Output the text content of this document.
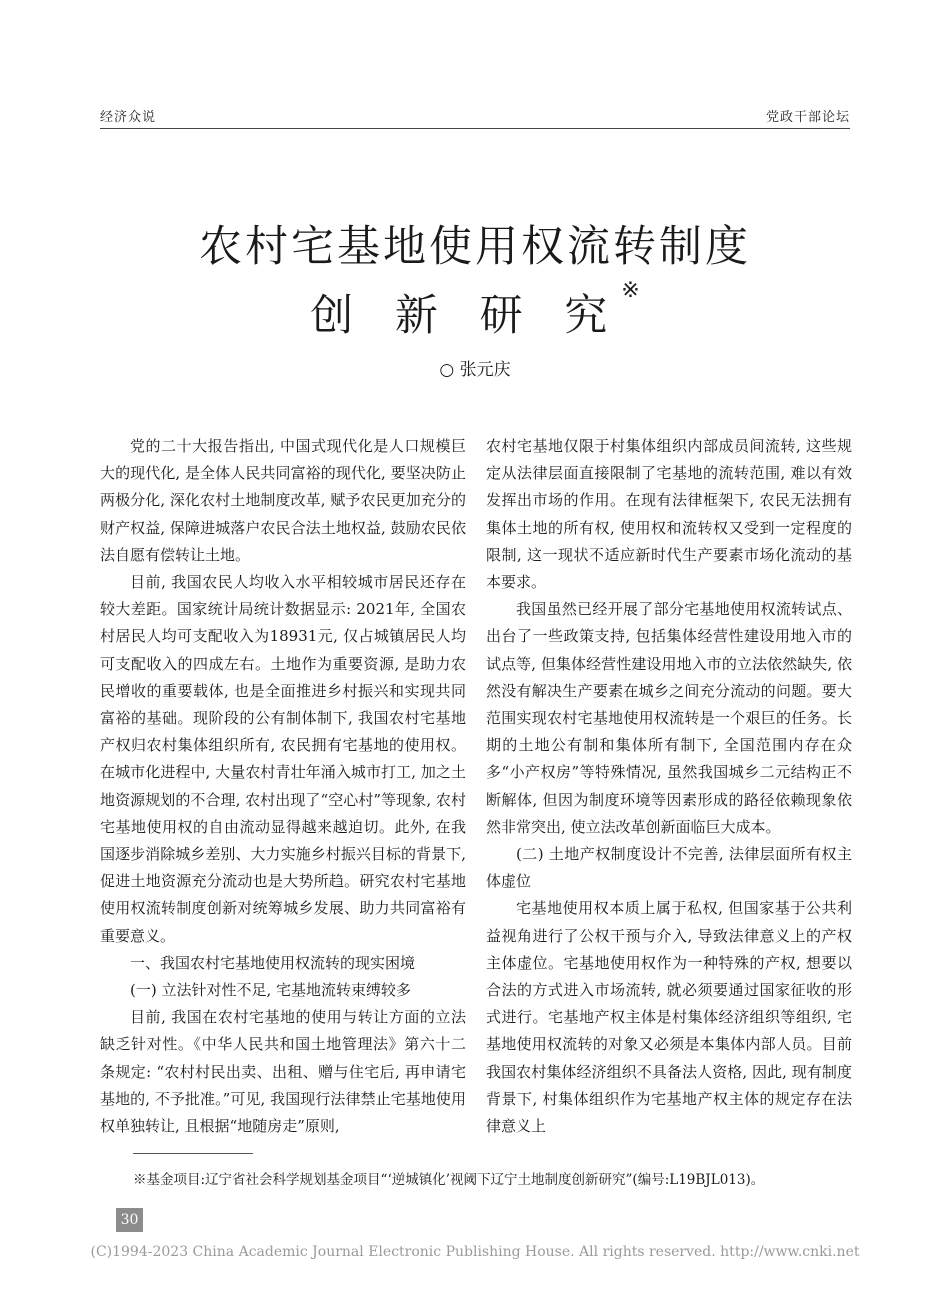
经济众说	党政干部论坛
农村宅基地使用权流转制度
创 新 研 究※
○ 张元庆

党的二十大报告指出, 中国式现代化是人口规模巨大的现代化, 是全体人民共同富裕的现代化, 要坚决防止两极分化, 深化农村土地制度改革, 赋予农民更加充分的财产权益, 保障进城落户农民合法土地权益, 鼓励农民依法自愿有偿转让土地。

目前, 我国农民人均收入水平相较城市居民还存在较大差距。国家统计局统计数据显示: 2021年, 全国农村居民人均可支配收入为18931元, 仅占城镇居民人均可支配收入的四成左右。土地作为重要资源, 是助力农民增收的重要载体, 也是全面推进乡村振兴和实现共同富裕的基础。现阶段的公有制体制下, 我国农村宅基地产权归农村集体组织所有, 农民拥有宅基地的使用权。在城市化进程中, 大量农村青壮年涌入城市打工, 加之土地资源规划的不合理, 农村出现了“空心村”等现象, 农村宅基地使用权的自由流动显得越来越迫切。此外, 在我国逐步消除城乡差别、大力实施乡村振兴目标的背景下, 促进土地资源充分流动也是大势所趋。研究农村宅基地使用权流转制度创新对统筹城乡发展、助力共同富裕有重要意义。

一、我国农村宅基地使用权流转的现实困境

(一) 立法针对性不足, 宅基地流转束缚较多

目前, 我国在农村宅基地的使用与转让方面的立法缺乏针对性。《中华人民共和国土地管理法》第六十二条规定: “农村村民出卖、出租、赠与住宅后, 再申请宅基地的, 不予批准。”可见, 我国现行法律禁止宅基地使用权单独转让, 且根据“地随房走”原则,

农村宅基地仅限于村集体组织内部成员间流转, 这些规定从法律层面直接限制了宅基地的流转范围, 难以有效发挥出市场的作用。在现有法律框架下, 农民无法拥有集体土地的所有权, 使用权和流转权又受到一定程度的限制, 这一现状不适应新时代生产要素市场化流动的基本要求。

我国虽然已经开展了部分宅基地使用权流转试点、出台了一些政策支持, 包括集体经营性建设用地入市的试点等, 但集体经营性建设用地入市的立法依然缺失, 依然没有解决生产要素在城乡之间充分流动的问题。要大范围实现农村宅基地使用权流转是一个艰巨的任务。长期的土地公有制和集体所有制下, 全国范围内存在众多“小产权房”等特殊情况, 虽然我国城乡二元结构正不断解体, 但因为制度环境等因素形成的路径依赖现象依然非常突出, 使立法改革创新面临巨大成本。

(二) 土地产权制度设计不完善, 法律层面所有权主体虚位

宅基地使用权本质上属于私权, 但国家基于公共利益视角进行了公权干预与介入, 导致法律意义上的产权主体虚位。宅基地使用权作为一种特殊的产权, 想要以合法的方式进入市场流转, 就必须要通过国家征收的形式进行。宅基地产权主体是村集体经济组织等组织, 宅基地使用权流转的对象又必须是本集体内部人员。目前我国农村集体经济组织不具备法人资格, 因此, 现有制度背景下, 村集体组织作为宅基地产权主体的规定存在法律意义上

※基金项目:辽宁省社会科学规划基金项目“‘逆城镇化’视阈下辽宁土地制度创新研究”(编号:L19BJL013)。
30
(C)1994-2023 China Academic Journal Electronic Publishing House. All rights reserved. http://www.cnki.net
